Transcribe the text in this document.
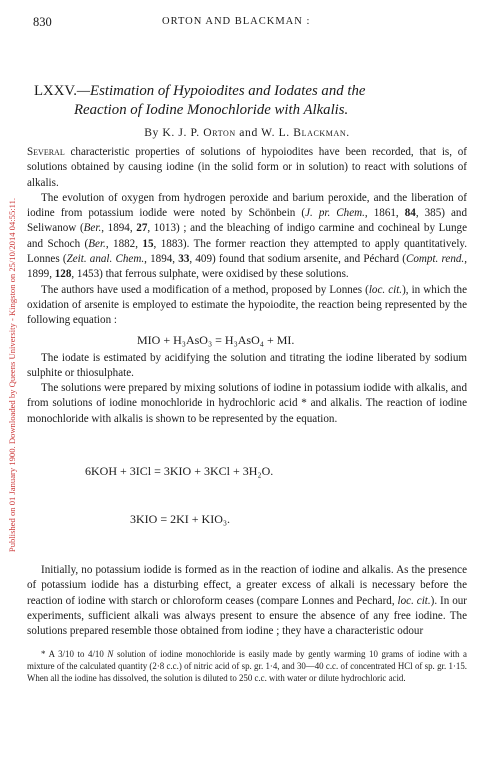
Published on 01 January 1900. Downloaded by Queens University - Kingston on 25/10/2014 04:55:11.
830	ORTON AND BLACKMAN :
LXXV.—Estimation of Hypoiodites and Iodates and the
Reaction of Iodine Monochloride with Alkalis.
By K. J. P. Orton and W. L. Blackman.

Several characteristic properties of solutions of hypoiodites have been recorded, that is, of solutions obtained by causing iodine (in the solid form or in solution) to react with solutions of alkalis.

The evolution of oxygen from hydrogen peroxide and barium peroxide, and the liberation of iodine from potassium iodide were noted by Schönbein (J. pr. Chem., 1861, 84, 385) and Seliwanow (Ber., 1894, 27, 1013) ; and the bleaching of indigo carmine and cochineal by Lunge and Schoch (Ber., 1882, 15, 1883). The former reaction they attempted to apply quantitatively. Lonnes (Zeit. anal. Chem., 1894, 33, 409) found that sodium arsenite, and Péchard (Compt. rend., 1899, 128, 1453) that ferrous sulphate, were oxidised by these solutions.

The authors have used a modification of a method, proposed by Lonnes (loc. cit.), in which the oxidation of arsenite is employed to estimate the hypoiodite, the reaction being represented by the following equation :

MIO + H₃AsO₃ = H₃AsO₄ + MI.

The iodate is estimated by acidifying the solution and titrating the iodine liberated by sodium sulphite or thiosulphate.

The solutions were prepared by mixing solutions of iodine in potassium iodide with alkalis, and from solutions of iodine monochloride in hydrochloric acid * and alkalis. The reaction of iodine monochloride with alkalis is shown to be represented by the equation.

6KOH + 3ICl = 3KIO + 3KCl + 3H₂O.

3KIO = 2KI + KIO₃.

Initially, no potassium iodide is formed as in the reaction of iodine and alkalis. As the presence of potassium iodide has a disturbing effect, a greater excess of alkali is necessary before the reaction of iodine with starch or chloroform ceases (compare Lonnes and Pechard, loc. cit.). In our experiments, sufficient alkali was always present to ensure the absence of any free iodine. The solutions prepared resemble those obtained from iodine ; they have a characteristic odour

* A 3/10 to 4/10 N solution of iodine monochloride is easily made by gently warming 10 grams of iodine with a mixture of the calculated quantity (2·8 c.c.) of nitric acid of sp. gr. 1·4, and 30—40 c.c. of concentrated HCl of sp. gr. 1·15. When all the iodine has dissolved, the solution is diluted to 250 c.c. with water or dilute hydrochloric acid.
